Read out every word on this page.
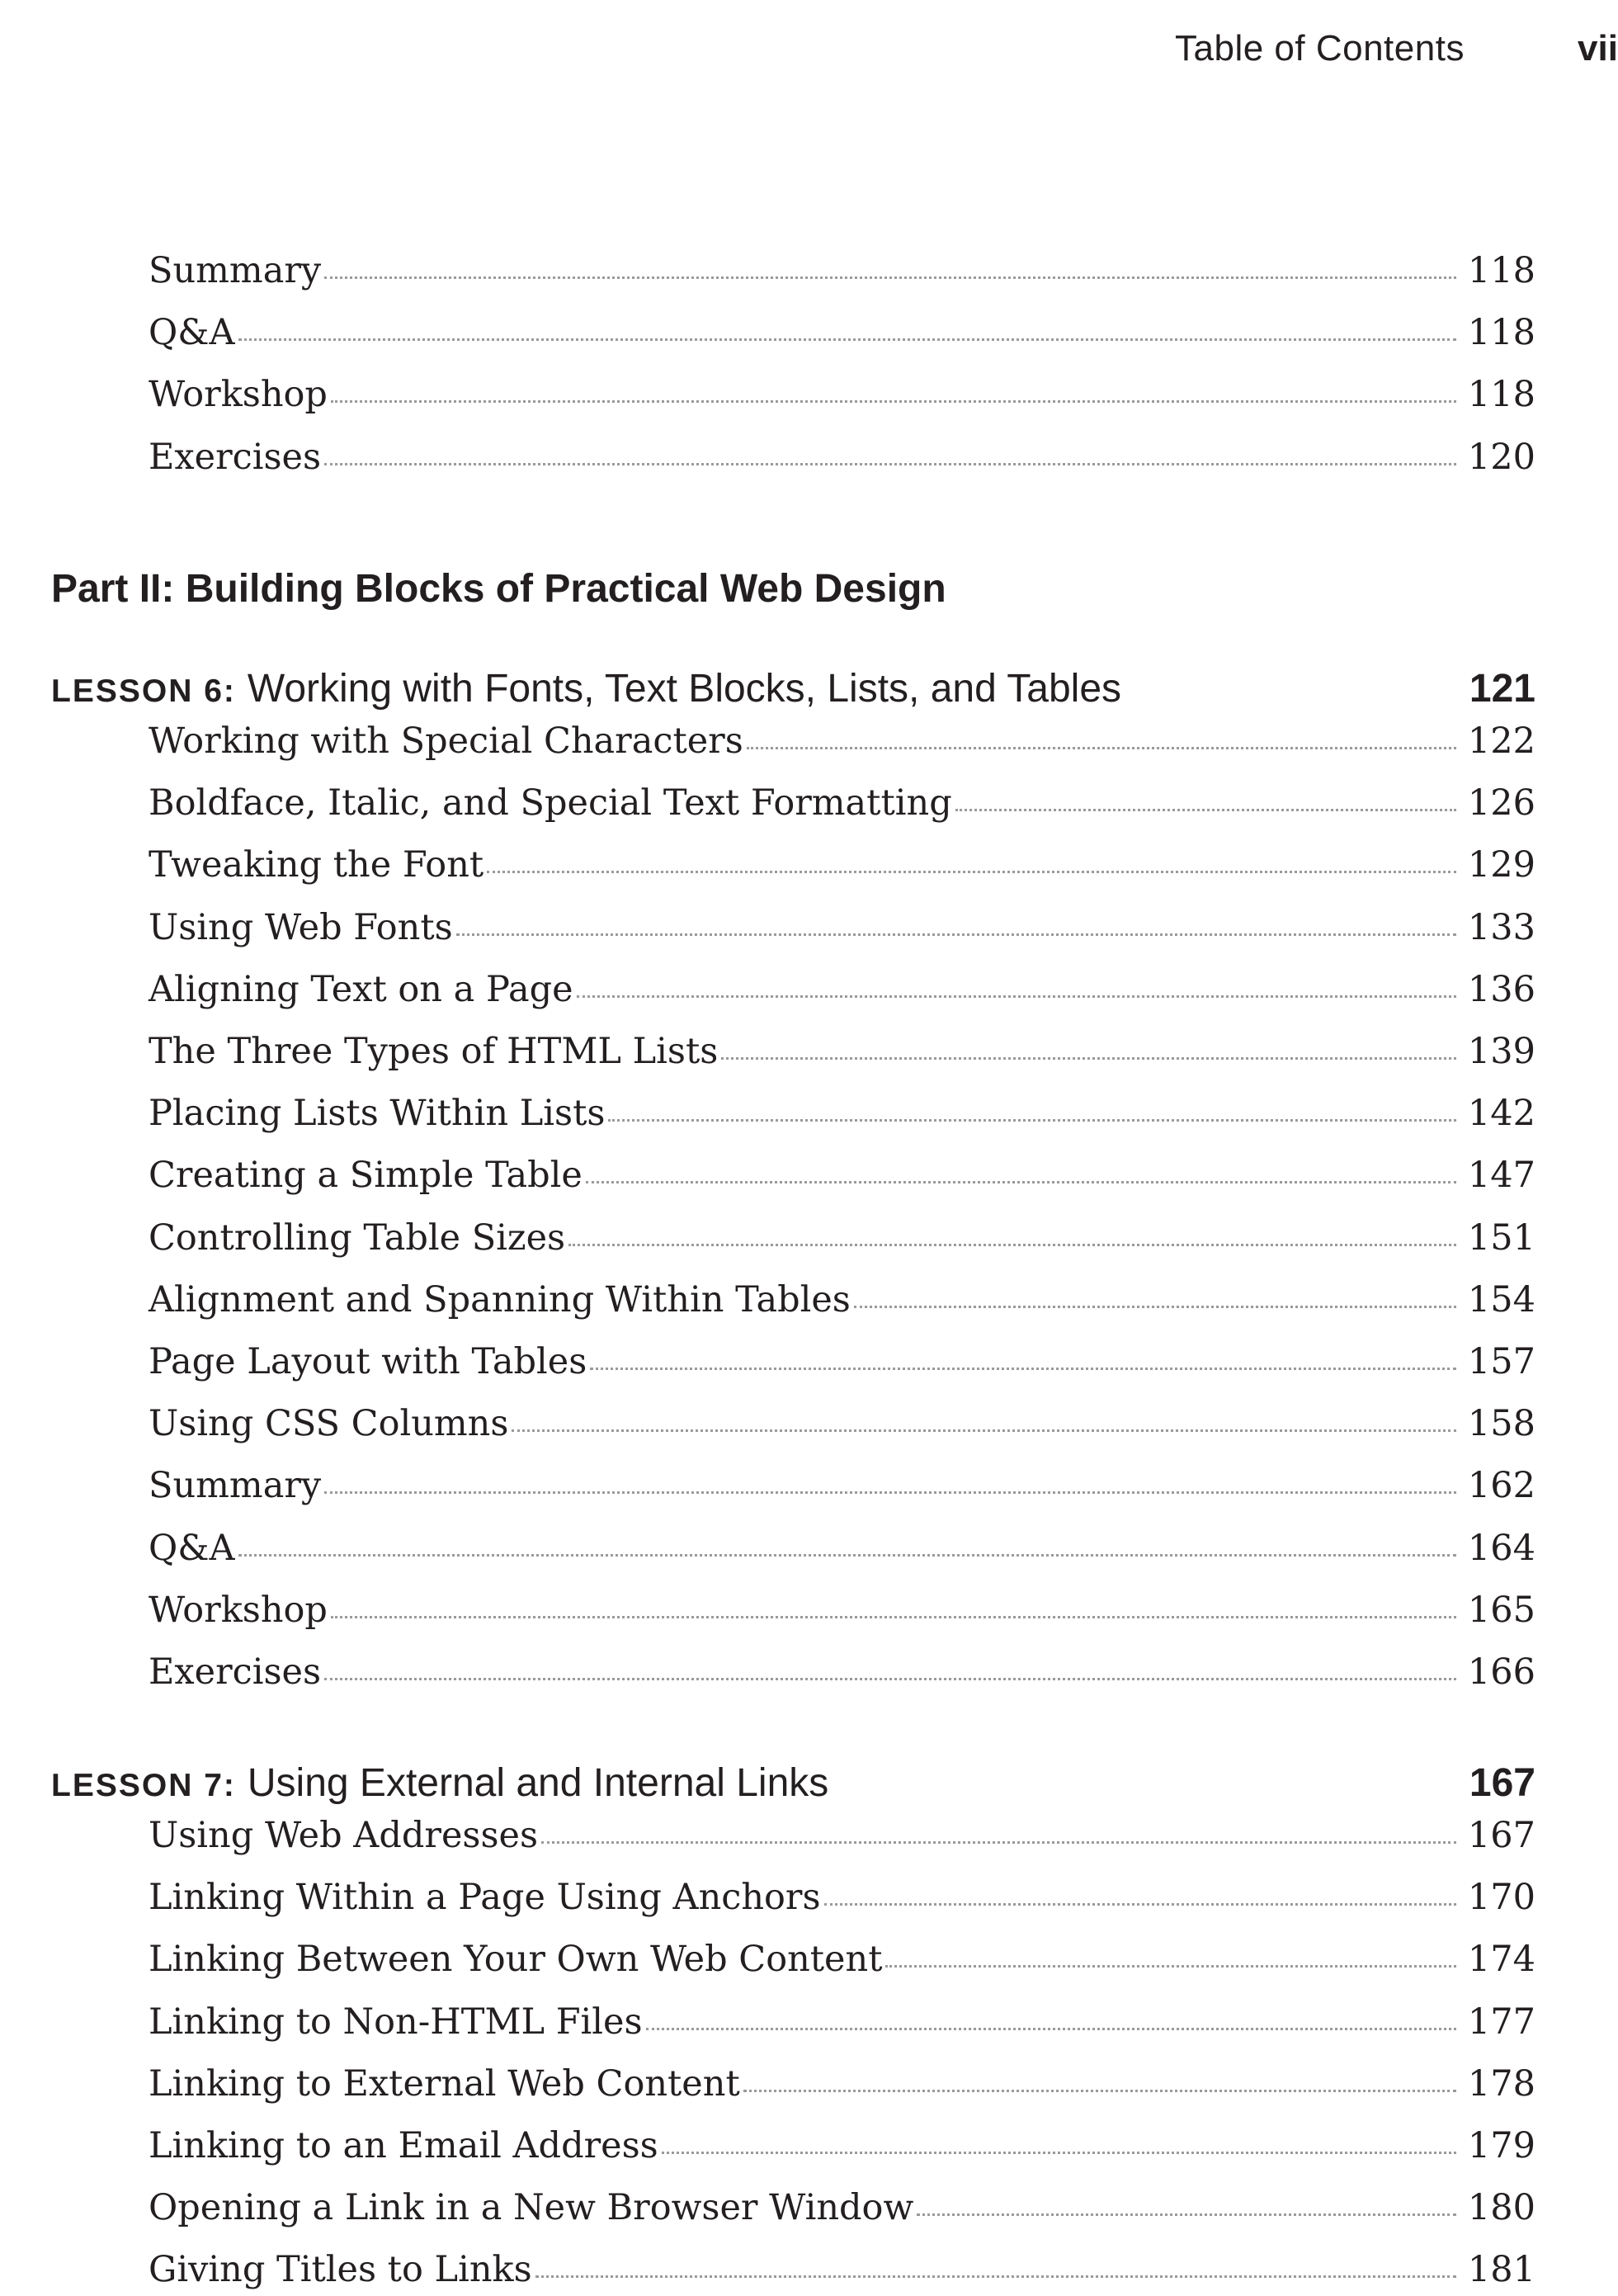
Table of Contents	vii
Summary	118
Q&A	118
Workshop	118
Exercises	120
Part II: Building Blocks of Practical Web Design
LESSON 6: Working with Fonts, Text Blocks, Lists, and Tables	121
Working with Special Characters	122
Boldface, Italic, and Special Text Formatting	126
Tweaking the Font	129
Using Web Fonts	133
Aligning Text on a Page	136
The Three Types of HTML Lists	139
Placing Lists Within Lists	142
Creating a Simple Table	147
Controlling Table Sizes	151
Alignment and Spanning Within Tables	154
Page Layout with Tables	157
Using CSS Columns	158
Summary	162
Q&A	164
Workshop	165
Exercises	166
LESSON 7: Using External and Internal Links	167
Using Web Addresses	167
Linking Within a Page Using Anchors	170
Linking Between Your Own Web Content	174
Linking to Non-HTML Files	177
Linking to External Web Content	178
Linking to an Email Address	179
Opening a Link in a New Browser Window	180
Giving Titles to Links	181
